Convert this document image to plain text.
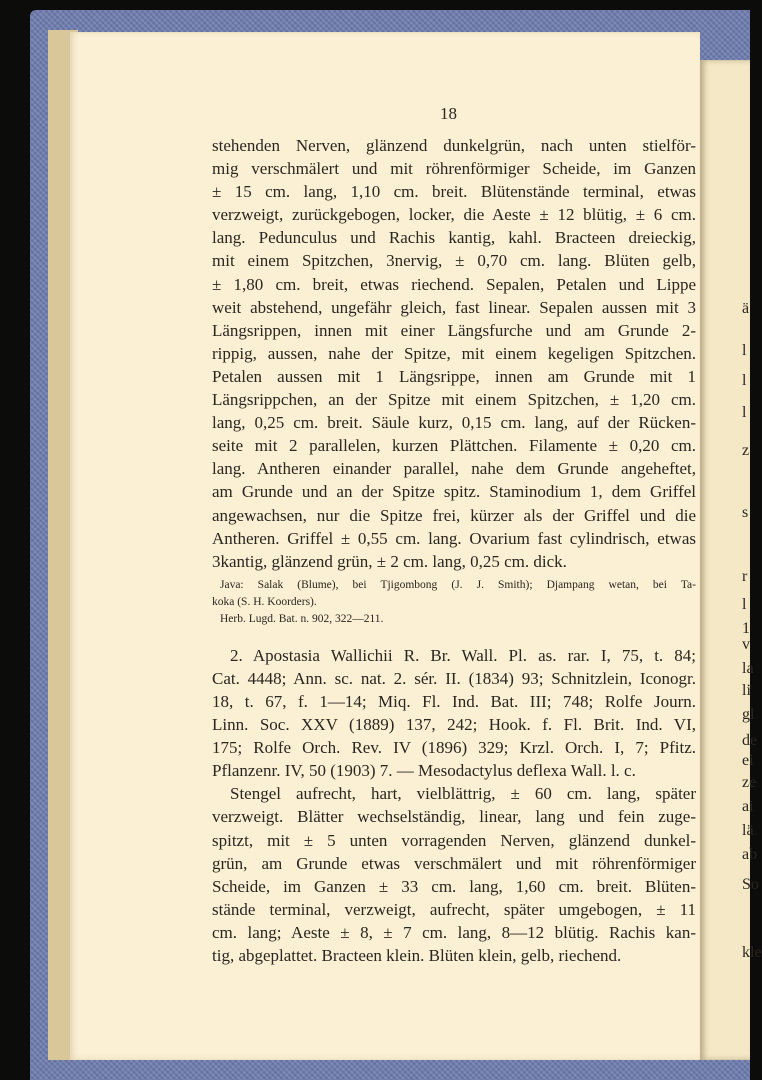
ä
l
l
l
z
s
r
l
1
v
la
li
gl
de
ei
ze
ai
lä
ab
So
kle
18
stehenden Nerven, glänzend dunkelgrün, nach unten stielför-
mig verschmälert und mit röhrenförmiger Scheide, im Ganzen
± 15 cm. lang, 1,10 cm. breit. Blütenstände terminal, etwas
verzweigt, zurückgebogen, locker, die Aeste ± 12 blütig, ± 6 cm.
lang. Pedunculus und Rachis kantig, kahl. Bracteen dreieckig,
mit einem Spitzchen, 3nervig, ± 0,70 cm. lang. Blüten gelb,
± 1,80 cm. breit, etwas riechend. Sepalen, Petalen und Lippe
weit abstehend, ungefähr gleich, fast linear. Sepalen aussen mit 3
Längsrippen, innen mit einer Längsfurche und am Grunde 2-
rippig, aussen, nahe der Spitze, mit einem kegeligen Spitzchen.
Petalen aussen mit 1 Längsrippe, innen am Grunde mit 1
Längsrippchen, an der Spitze mit einem Spitzchen, ± 1,20 cm.
lang, 0,25 cm. breit. Säule kurz, 0,15 cm. lang, auf der Rücken-
seite mit 2 parallelen, kurzen Plättchen. Filamente ± 0,20 cm.
lang. Antheren einander parallel, nahe dem Grunde angeheftet,
am Grunde und an der Spitze spitz. Staminodium 1, dem Griffel
angewachsen, nur die Spitze frei, kürzer als der Griffel und die
Antheren. Griffel ± 0,55 cm. lang. Ovarium fast cylindrisch, etwas
3kantig, glänzend grün, ± 2 cm. lang, 0,25 cm. dick.
Java: Salak (Blume), bei Tjigombong (J. J. Smith); Djampang wetan, bei Ta-
koka (S. H. Koorders).
Herb. Lugd. Bat. n. 902, 322—211.
2. Apostasia Wallichii R. Br. Wall. Pl. as. rar. I, 75, t. 84;
Cat. 4448; Ann. sc. nat. 2. sér. II. (1834) 93; Schnitzlein, Iconogr.
18, t. 67, f. 1—14; Miq. Fl. Ind. Bat. III; 748; Rolfe Journ.
Linn. Soc. XXV (1889) 137, 242; Hook. f. Fl. Brit. Ind. VI,
175; Rolfe Orch. Rev. IV (1896) 329; Krzl. Orch. I, 7; Pfitz.
Pflanzenr. IV, 50 (1903) 7. — Mesodactylus deflexa Wall. l. c.
Stengel aufrecht, hart, vielblättrig, ± 60 cm. lang, später
verzweigt. Blätter wechselständig, linear, lang und fein zuge-
spitzt, mit ± 5 unten vorragenden Nerven, glänzend dunkel-
grün, am Grunde etwas verschmälert und mit röhrenförmiger
Scheide, im Ganzen ± 33 cm. lang, 1,60 cm. breit. Blüten-
stände terminal, verzweigt, aufrecht, später umgebogen, ± 11
cm. lang; Aeste ± 8, ± 7 cm. lang, 8—12 blütig. Rachis kan-
tig, abgeplattet. Bracteen klein. Blüten klein, gelb, riechend.
